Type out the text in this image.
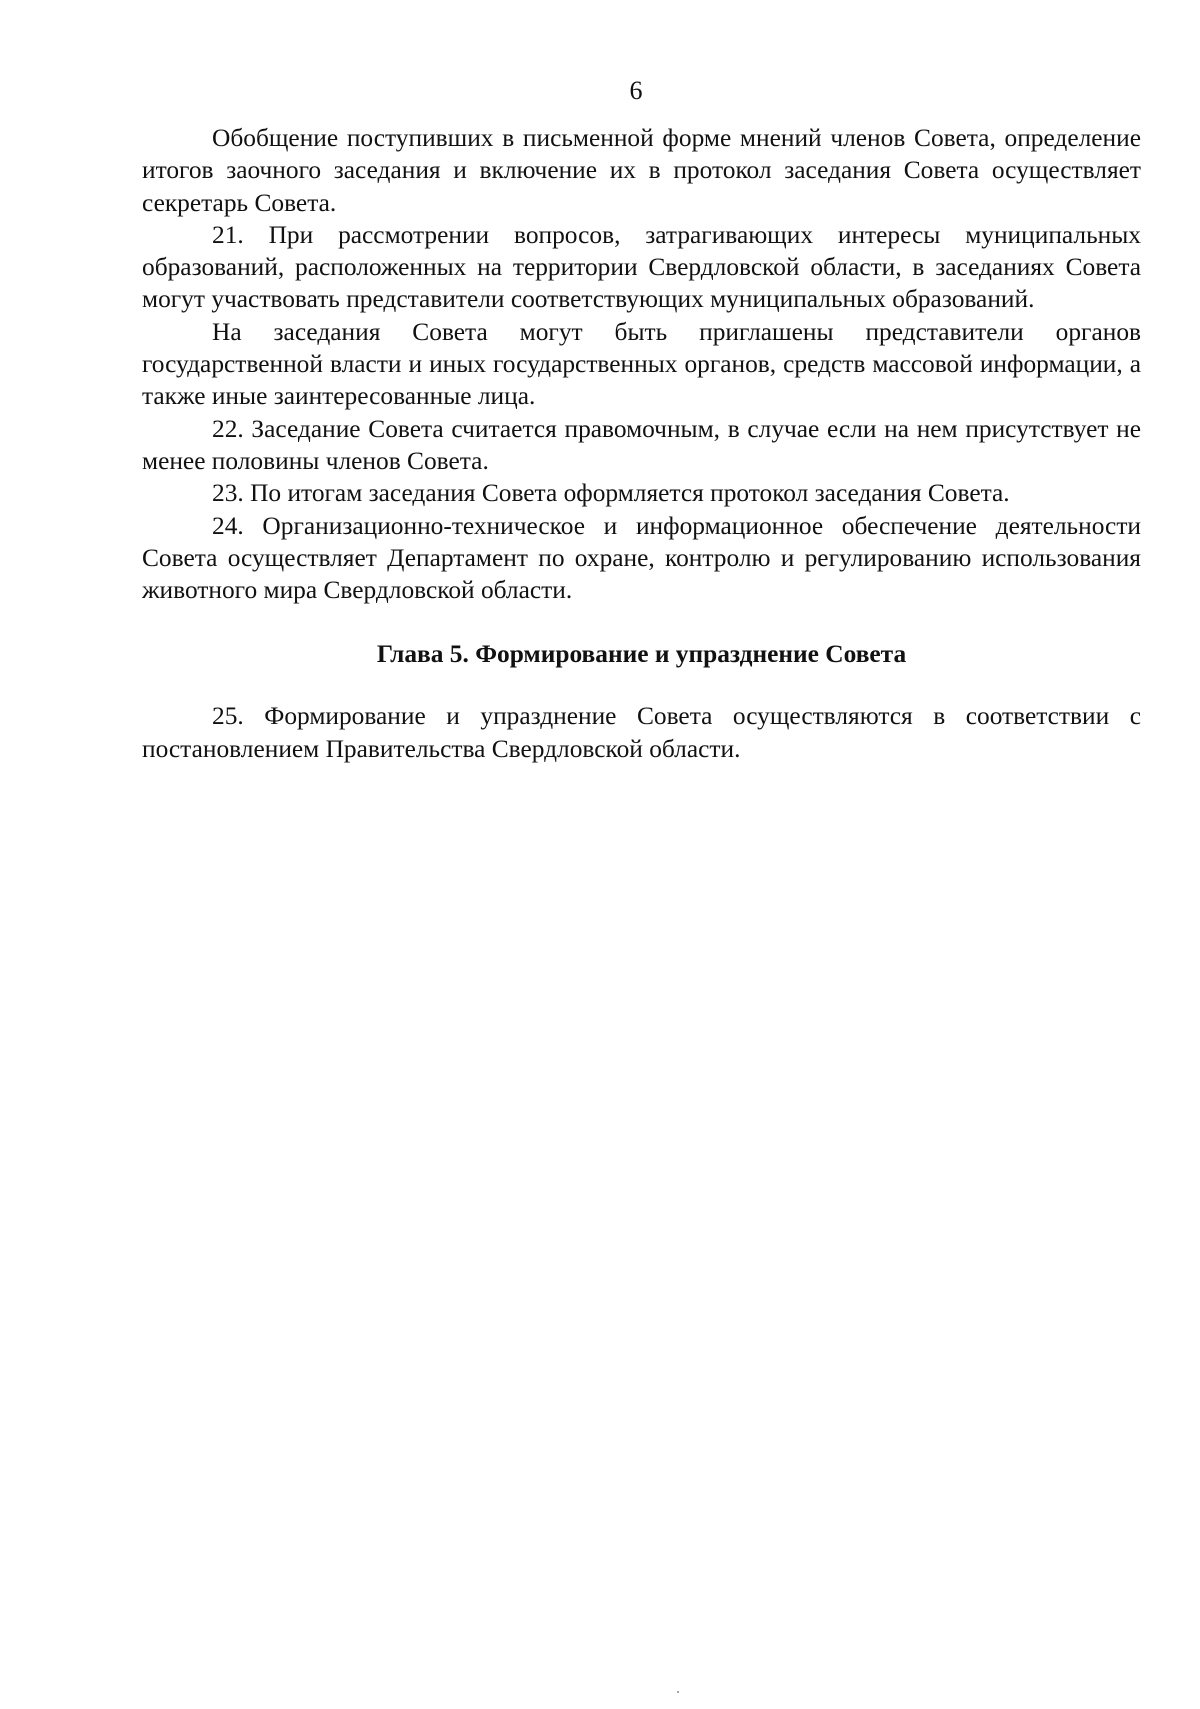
6

Обобщение поступивших в письменной форме мнений членов Совета, определение итогов заочного заседания и включение их в протокол заседания Совета осуществляет секретарь Совета.

21. При рассмотрении вопросов, затрагивающих интересы муниципальных образований, расположенных на территории Свердловской области, в заседаниях Совета могут участвовать представители соответствующих муниципальных образований.

На заседания Совета могут быть приглашены представители органов государственной власти и иных государственных органов, средств массовой информации, а также иные заинтересованные лица.

22. Заседание Совета считается правомочным, в случае если на нем присутствует не менее половины членов Совета.

23. По итогам заседания Совета оформляется протокол заседания Совета.

24. Организационно-техническое и информационное обеспечение деятельности Совета осуществляет Департамент по охране, контролю и регулированию использования животного мира Свердловской области.

Глава 5. Формирование и упразднение Совета

25. Формирование и упразднение Совета осуществляются в соответствии с постановлением Правительства Свердловской области.
